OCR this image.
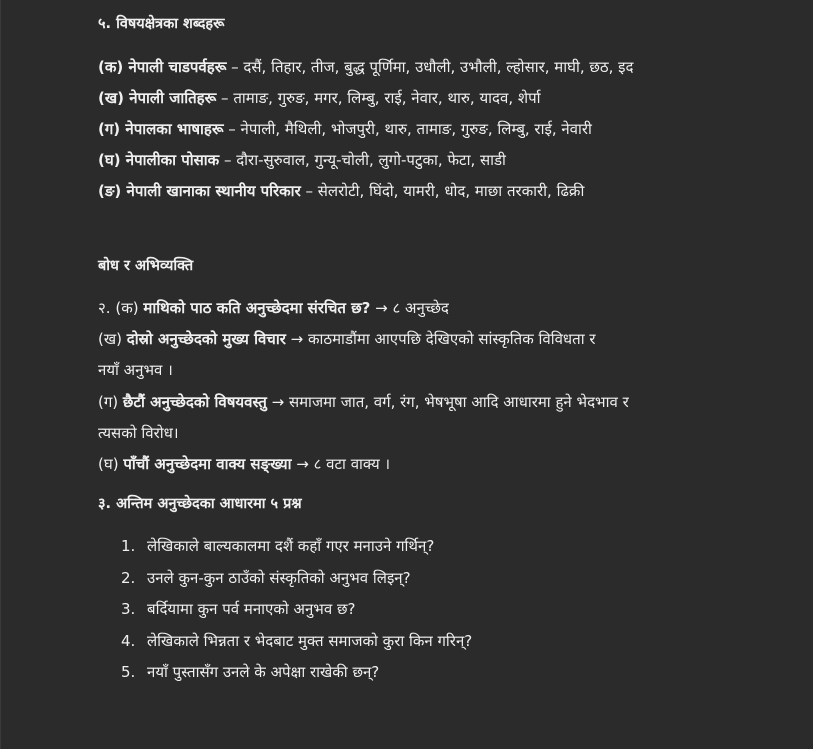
५. विषयक्षेत्रका शब्दहरू
(क) नेपाली चाडपर्वहरू – दसैं, तिहार, तीज, बुद्ध पूर्णिमा, उधौली, उभौली, ल्होसार, माघी, छठ, इद
(ख) नेपाली जातिहरू – तामाङ, गुरुङ, मगर, लिम्बु, राई, नेवार, थारु, यादव, शेर्पा
(ग) नेपालका भाषाहरू – नेपाली, मैथिली, भोजपुरी, थारु, तामाङ, गुरुङ, लिम्बु, राई, नेवारी
(घ) नेपालीका पोसाक – दौरा-सुरुवाल, गुन्यू-चोली, लुगो-पटुका, फेटा, साडी
(ङ) नेपाली खानाका स्थानीय परिकार – सेलरोटी, घिंदो, यामरी, धोद, माछा तरकारी, ढिक्री
बोध र अभिव्यक्ति
२. (क) माथिको पाठ कति अनुच्छेदमा संरचित छ? → ८ अनुच्छेद
(ख) दोस्रो अनुच्छेदको मुख्य विचार → काठमाडौंमा आएपछि देखिएको सांस्कृतिक विविधता र
नयाँ अनुभव ।
(ग) छैटौं अनुच्छेदको विषयवस्तु → समाजमा जात, वर्ग, रंग, भेषभूषा आदि आधारमा हुने भेदभाव र
त्यसको विरोध।
(घ) पाँचौं अनुच्छेदमा वाक्य सङ्ख्या → ८ वटा वाक्य ।
३. अन्तिम अनुच्छेदका आधारमा ५ प्रश्न
1. लेखिकाले बाल्यकालमा दशैं कहाँ गएर मनाउने गर्थिन्?
2. उनले कुन-कुन ठाउँको संस्कृतिको अनुभव लिइन्?
3. बर्दियामा कुन पर्व मनाएको अनुभव छ?
4. लेखिकाले भिन्नता र भेदबाट मुक्त समाजको कुरा किन गरिन्?
5. नयाँ पुस्तासँग उनले के अपेक्षा राखेकी छन्?
